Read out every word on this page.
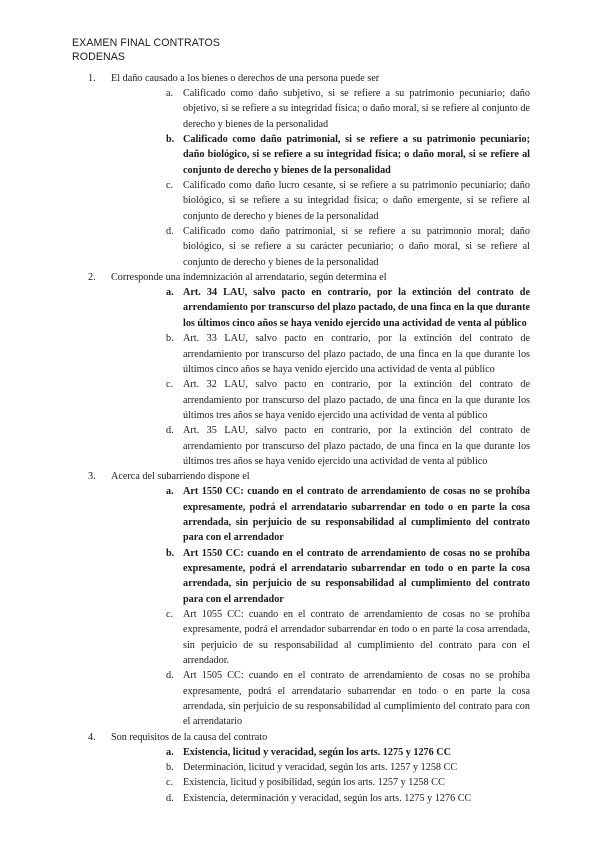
EXAMEN FINAL CONTRATOS
RODENAS
1. El daño causado a los bienes o derechos de una persona puede ser
a. Calificado como daño subjetivo, si se refiere a su patrimonio pecuniario; daño objetivo, si se refiere a su integridad física; o daño moral, si se refiere al conjunto de derecho y bienes de la personalidad
b. Calificado como daño patrimonial, si se refiere a su patrimonio pecuniario; daño biológico, si se refiere a su integridad física; o daño moral, si se refiere al conjunto de derecho y bienes de la personalidad
c. Calificado como daño lucro cesante, si se refiere a su patrimonio pecuniario; daño biológico, si se refiere a su integridad física; o daño emergente, si se refiere al conjunto de derecho y bienes de la personalidad
d. Calificado como daño patrimonial, si se refiere a su patrimonio moral; daño biológico, si se refiere a su carácter pecuniario; o daño moral, si se refiere al conjunto de derecho y bienes de la personalidad
2. Corresponde una indemnización al arrendatario, según determina el
a. Art. 34 LAU, salvo pacto en contrario, por la extinción del contrato de arrendamiento por transcurso del plazo pactado, de una finca en la que durante los últimos cinco años se haya venido ejercido una actividad de venta al público
b. Art. 33 LAU, salvo pacto en contrario, por la extinción del contrato de arrendamiento por transcurso del plazo pactado, de una finca en la que durante los últimos cinco años se haya venido ejercido una actividad de venta al público
c. Art. 32 LAU, salvo pacto en contrario, por la extinción del contrato de arrendamiento por transcurso del plazo pactado, de una finca en la que durante los últimos tres años se haya venido ejercido una actividad de venta al público
d. Art. 35 LAU, salvo pacto en contrario, por la extinción del contrato de arrendamiento por transcurso del plazo pactado, de una finca en la que durante los últimos tres años se haya venido ejercido una actividad de venta al público
3. Acerca del subarriendo dispone el
a. Art 1550 CC: cuando en el contrato de arrendamiento de cosas no se prohíba expresamente, podrá el arrendatario subarrendar en todo o en parte la cosa arrendada, sin perjuicio de su responsabilidad al cumplimiento del contrato para con el arrendador
b. Art 1550 CC: cuando en el contrato de arrendamiento de cosas no se prohíba expresamente, podrá el arrendatario subarrendar en todo o en parte la cosa arrendada, sin perjuicio de su responsabilidad al cumplimiento del contrato para con el arrendador
c. Art 1055 CC: cuando en el contrato de arrendamiento de cosas no se prohíba expresamente, podrá el arrendador subarrendar en todo o en parte la cosa arrendada, sin perjuicio de su responsabilidad al cumplimiento del contrato para con el arrendador.
d. Art 1505 CC: cuando en el contrato de arrendamiento de cosas no se prohíba expresamente, podrá el arrendatario subarrendar en todo o en parte la cosa arrendada, sin perjuicio de su responsabilidad al cumplimiento del contrato para con el arrendatario
4. Son requisitos de la causa del contrato
a. Existencia, licitud y veracidad, según los arts. 1275 y 1276 CC
b. Determinación, licitud y veracidad, según los arts. 1257 y 1258 CC
c. Existencia, licitud y posibilidad, según los arts. 1257 y 1258 CC
d. Existencia, determinación y veracidad, según los arts. 1275 y 1276 CC
